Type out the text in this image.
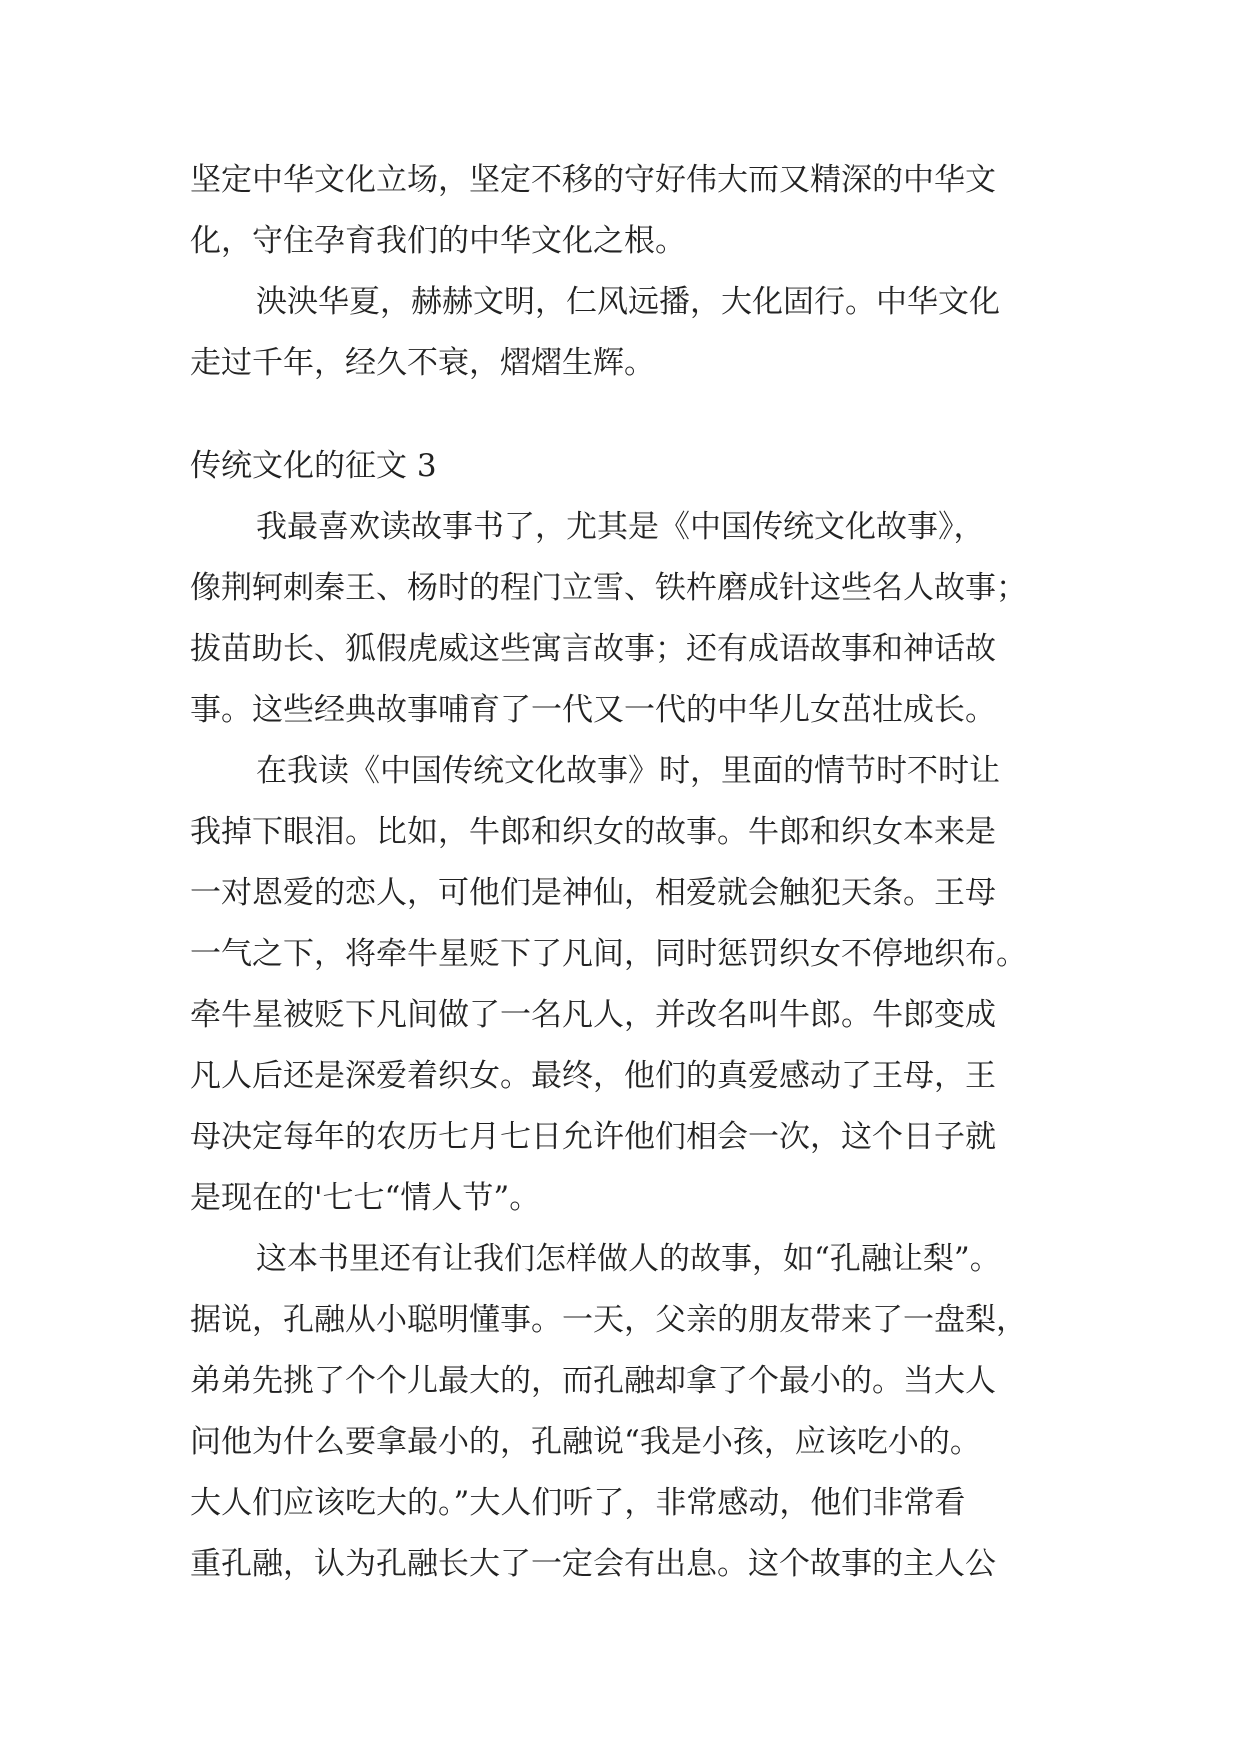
坚定中华文化立场，坚定不移的守好伟大而又精深的中华文
化，守住孕育我们的中华文化之根。
泱泱华夏，赫赫文明，仁风远播，大化固行。中华文化
走过千年，经久不衰，熠熠生辉。
传统文化的征文 3
我最喜欢读故事书了，尤其是《中国传统文化故事》，
像荆轲刺秦王、杨时的程门立雪、铁杵磨成针这些名人故事；
拔苗助长、狐假虎威这些寓言故事；还有成语故事和神话故
事。这些经典故事哺育了一代又一代的中华儿女茁壮成长。
在我读《中国传统文化故事》时，里面的情节时不时让
我掉下眼泪。比如，牛郎和织女的故事。牛郎和织女本来是
一对恩爱的恋人，可他们是神仙，相爱就会触犯天条。王母
一气之下，将牵牛星贬下了凡间，同时惩罚织女不停地织布。
牵牛星被贬下凡间做了一名凡人，并改名叫牛郎。牛郎变成
凡人后还是深爱着织女。最终，他们的真爱感动了王母，王
母决定每年的农历七月七日允许他们相会一次，这个日子就
是现在的'七七“情人节”。
这本书里还有让我们怎样做人的故事，如“孔融让梨”。
据说，孔融从小聪明懂事。一天，父亲的朋友带来了一盘梨，
弟弟先挑了个个儿最大的，而孔融却拿了个最小的。当大人
问他为什么要拿最小的，孔融说“我是小孩，应该吃小的。
大人们应该吃大的。”大人们听了，非常感动，他们非常看
重孔融，认为孔融长大了一定会有出息。这个故事的主人公
